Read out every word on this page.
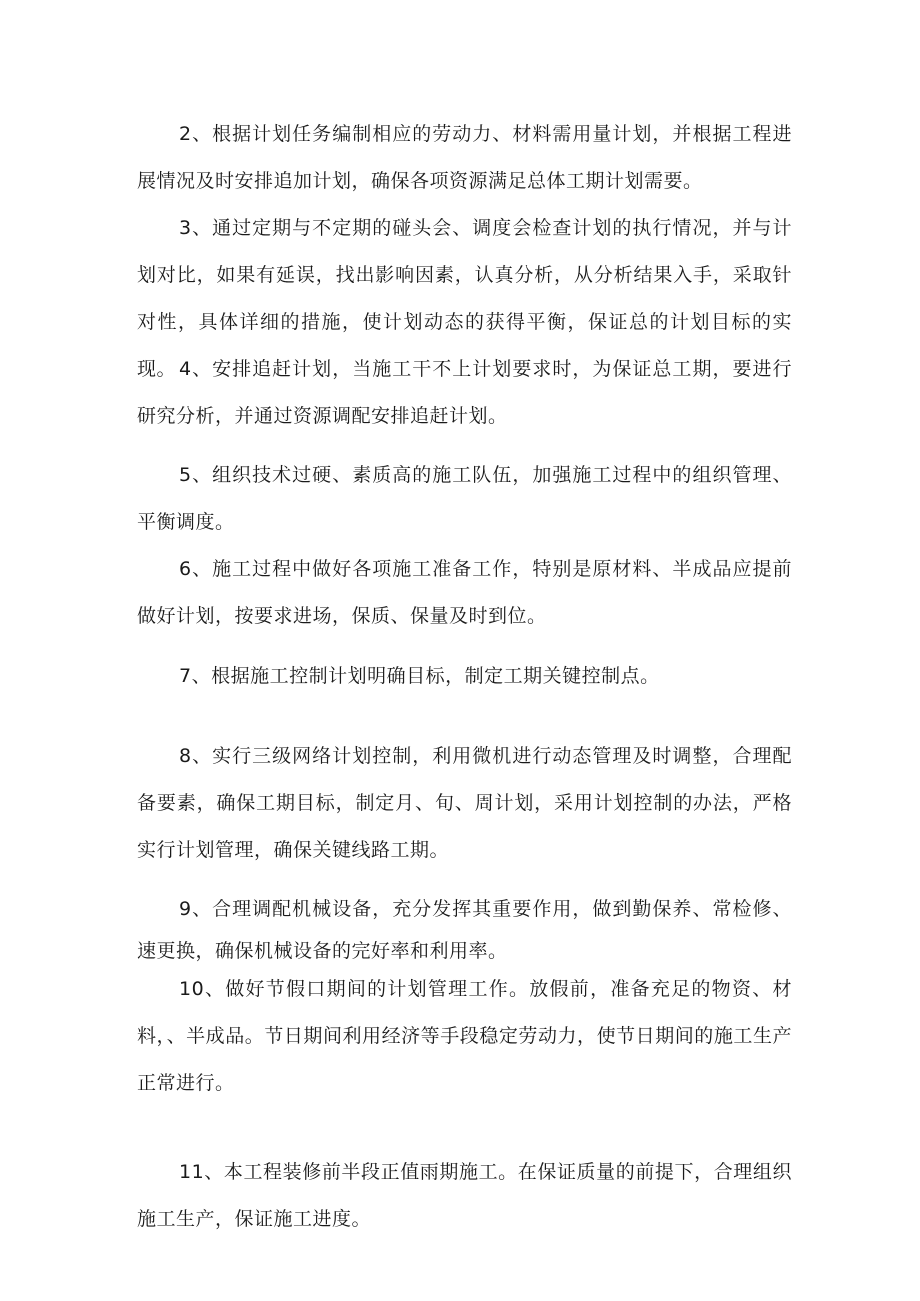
2、根据计划任务编制相应的劳动力、材料需用量计划，并根据工程进展情况及时安排追加计划，确保各项资源满足总体工期计划需要。

3、通过定期与不定期的碰头会、调度会检查计划的执行情况，并与计划对比，如果有延误，找出影响因素，认真分析，从分析结果入手，采取针对性，具体详细的措施，使计划动态的获得平衡，保证总的计划目标的实现。 4、安排追赶计划，当施工干不上计划要求时，为保证总工期，要进行研究分析，并通过资源调配安排追赶计划。

5、组织技术过硬、素质高的施工队伍，加强施工过程中的组织管理、平衡调度。

6、施工过程中做好各项施工准备工作，特别是原材料、半成品应提前做好计划，按要求进场，保质、保量及时到位。

7、根据施工控制计划明确目标，制定工期关键控制点。

8、实行三级网络计划控制，利用微机进行动态管理及时调整，合理配备要素，确保工期目标，制定月、旬、周计划，采用计划控制的办法，严格实行计划管理，确保关键线路工期。

9、合理调配机械设备，充分发挥其重要作用，做到勤保养、常检修、速更换，确保机械设备的完好率和利用率。

10、做好节假口期间的计划管理工作。放假前，准备充足的物资、材料，、半成品。节日期间利用经济等手段稳定劳动力，使节日期间的施工生产正常进行。

11、本工程装修前半段正值雨期施工。在保证质量的前提下，合理组织施工生产，保证施工进度。
